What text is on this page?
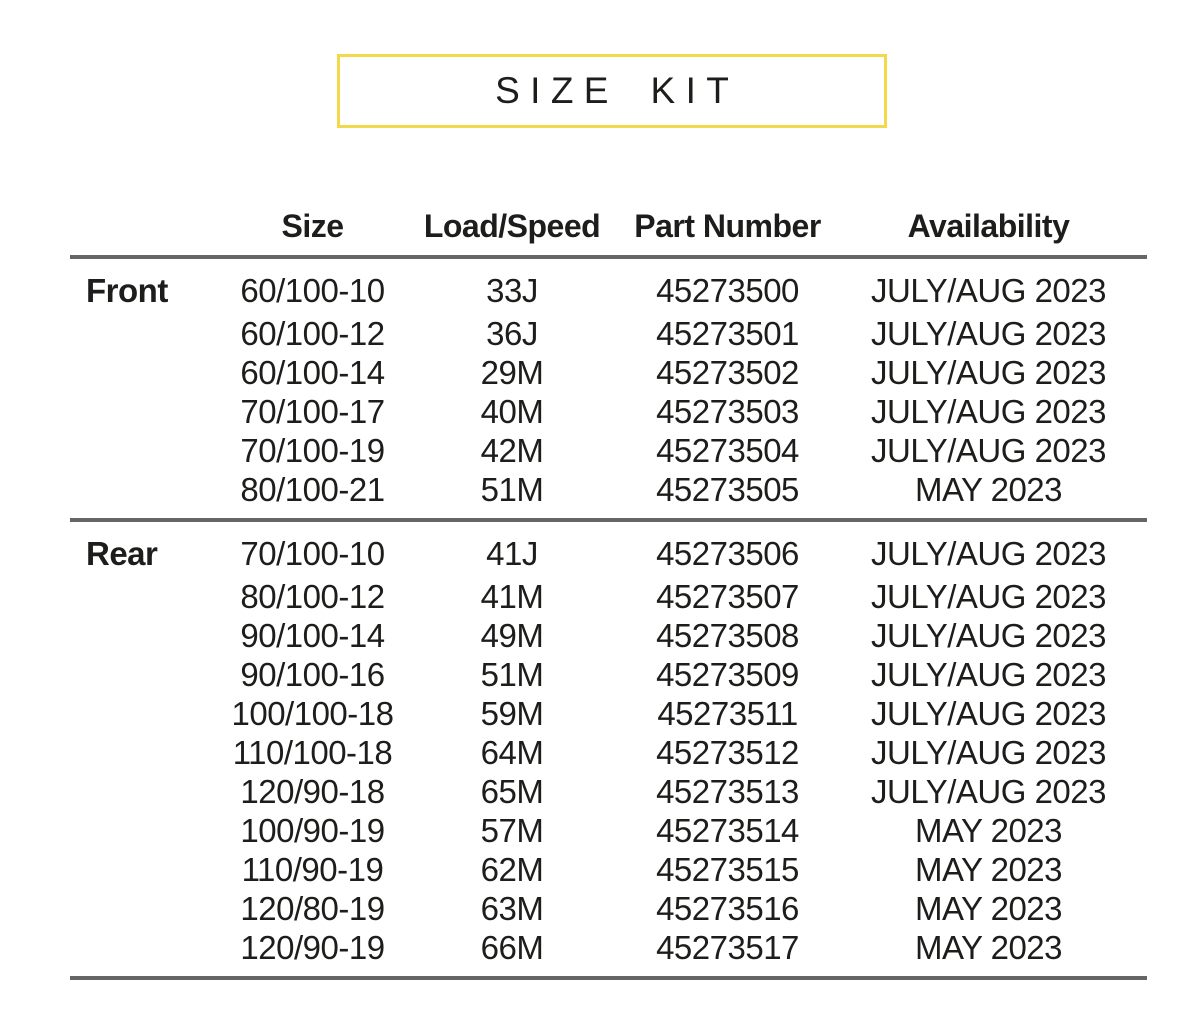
SIZE KIT
	Size	Load/Speed	Part Number	Availability
Front	60/100-10	33J	45273500	JULY/AUG 2023
	60/100-12	36J	45273501	JULY/AUG 2023
	60/100-14	29M	45273502	JULY/AUG 2023
	70/100-17	40M	45273503	JULY/AUG 2023
	70/100-19	42M	45273504	JULY/AUG 2023
	80/100-21	51M	45273505	MAY 2023
Rear	70/100-10	41J	45273506	JULY/AUG 2023
	80/100-12	41M	45273507	JULY/AUG 2023
	90/100-14	49M	45273508	JULY/AUG 2023
	90/100-16	51M	45273509	JULY/AUG 2023
	100/100-18	59M	45273511	JULY/AUG 2023
	110/100-18	64M	45273512	JULY/AUG 2023
	120/90-18	65M	45273513	JULY/AUG 2023
	100/90-19	57M	45273514	MAY 2023
	110/90-19	62M	45273515	MAY 2023
	120/80-19	63M	45273516	MAY 2023
	120/90-19	66M	45273517	MAY 2023
